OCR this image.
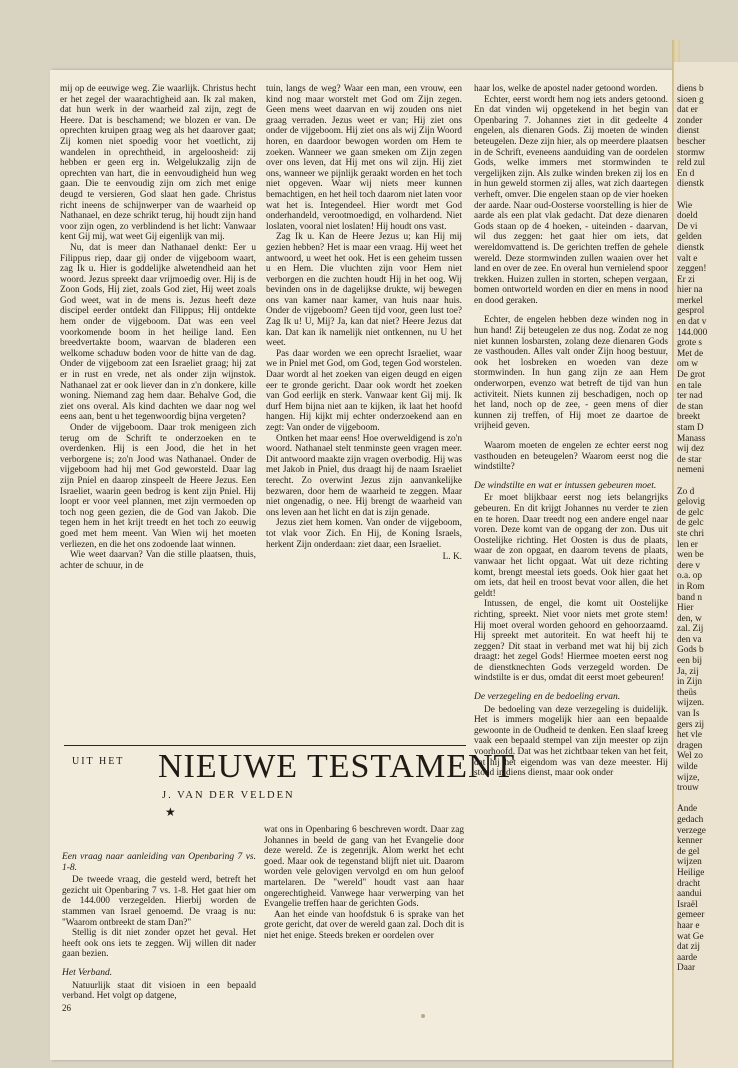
mij op de eeuwige weg. Zie waarlijk. Christus hecht er het zegel der waarachtigheid aan. Ik zal maken, dat hun werk in der waarheid zal zijn, zegt de Heere. Dat is beschamend; we blozen er van. De oprechten kruipen graag weg als het daarover gaat; Zij komen niet spoedig voor het voetlicht, zij wandelen in oprechtheid, in argeloosheid: zij hebben er geen erg in. Welgelukzalig zijn de oprechten van hart, die in eenvoudigheid hun weg gaan. Die te eenvoudig zijn om zich met enige deugd te versieren, God slaat hen gade. Christus richt ineens de schijnwerper van de waarheid op Nathanael, en deze schrikt terug, hij houdt zijn hand voor zijn ogen, zo verblindend is het licht: Vanwaar kent Gij mij, wat weet Gij eigenlijk van mij.

Nu, dat is meer dan Nathanael denkt: Eer u Filippus riep, daar gij onder de vijgeboom waart, zag Ik u. Hier is goddelijke alwetendheid aan het woord. Jezus spreekt daar vrijmoedig over. Hij is de Zoon Gods, Hij ziet, zoals God ziet, Hij weet zoals God weet, wat in de mens is. Jezus heeft deze discipel eerder ontdekt dan Filippus; Hij ontdekte hem onder de vijgeboom. Dat was een veel voorkomende boom in het heilige land. Een breedvertakte boom, waarvan de bladeren een welkome schaduw boden voor de hitte van de dag. Onder de vijgeboom zat een Israeliet graag; hij zat er in rust en vrede, net als onder zijn wijnstok. Nathanael zat er ook liever dan in z'n donkere, kille woning. Niemand zag hem daar. Behalve God, die ziet ons overal. Als kind dachten we daar nog wel eens aan, bent u het tegenwoordig bijna vergeten?

Onder de vijgeboom. Daar trok menigeen zich terug om de Schrift te onderzoeken en te overdenken. Hij is een Jood, die het in het verborgene is; zo'n Jood was Nathanael. Onder de vijgeboom had hij met God geworsteld. Daar lag zijn Pniel en daarop zinspeelt de Heere Jezus. Een Israeliet, waarin geen bedrog is kent zijn Pniel. Hij loopt er voor veel plannen, met zijn vermoeden op toch nog geen gezien, die de God van Jakob. Die tegen hem in het krijt treedt en het toch zo eeuwig goed met hem meent. Van Wien wij het moeten verliezen, en die het ons zodoende laat winnen.

Wie weet daarvan? Van die stille plaatsen, thuis, achter de schuur, in de

tuin, langs de weg? Waar een man, een vrouw, een kind nog maar worstelt met God om Zijn zegen. Geen mens weet daarvan en wij zouden ons niet graag verraden. Jezus weet er van; Hij ziet ons onder de vijgeboom. Hij ziet ons als wij Zijn Woord horen, en daardoor bewogen worden om Hem te zoeken. Wanneer we gaan smeken om Zijn zegen over ons leven, dat Hij met ons wil zijn. Hij ziet ons, wanneer we pijnlijk geraakt worden en het toch niet opgeven. Waar wij niets meer kunnen bemachtigen, en het heil toch daarom niet laten voor wat het is. Integendeel. Hier wordt met God onderhandeld, verootmoedigd, en volhardend. Niet loslaten, vooral niet loslaten! Hij houdt ons vast.

Zag Ik u. Kan de Heere Jezus u; kan Hij mij gezien hebben? Het is maar een vraag. Hij weet het antwoord, u weet het ook. Het is een geheim tussen u en Hem. Die vluchten zijn voor Hem niet verborgen en die zuchten houdt Hij in het oog. Wij bevinden ons in de dagelijkse drukte, wij bewegen ons van kamer naar kamer, van huis naar huis. Onder de vijgeboom? Geen tijd voor, geen lust toe? Zag Ik u! U, Mij? Ja, kan dat niet? Heere Jezus dat kan. Dat kan ik namelijk niet ontkennen, nu U het weet.

Pas daar worden we een oprecht Israeliet, waar we in Pniel met God, om God, tegen God worstelen. Daar wordt al het zoeken van eigen deugd en eigen eer te gronde gericht. Daar ook wordt het zoeken van God eerlijk en sterk. Vanwaar kent Gij mij. Ik durf Hem bijna niet aan te kijken, ik laat het hoofd hangen. Hij kijkt mij echter onderzoekend aan en zegt: Van onder de vijgeboom.

Ontken het maar eens! Hoe overweldigend is zo'n woord. Nathanael stelt tenminste geen vragen meer. Dit antwoord maakte zijn vragen overbodig. Hij was met Jakob in Pniel, dus draagt hij de naam Israeliet terecht. Zo overwint Jezus zijn aanvankelijke bezwaren, door hem de waarheid te zeggen. Maar niet ongenadig, o nee. Hij brengt de waarheid van ons leven aan het licht en dat is zijn genade.

Jezus ziet hem komen. Van onder de vijgeboom, tot vlak voor Zich. En Hij, de Koning Israels, herkent Zijn onderdaan: ziet daar, een Israeliet.

L. K.

haar los, welke de apostel nader getoond worden.

Echter, eerst wordt hem nog iets anders getoond. En dat vinden wij opgetekend in het begin van Openbaring 7. Johannes ziet in dit gedeelte 4 engelen, als dienaren Gods. Zij moeten de winden beteugelen. Deze zijn hier, als op meerdere plaatsen in de Schrift, eveneens aanduiding van de oordelen Gods, welke immers met stormwinden te vergelijken zijn. Als zulke winden breken zij los en in hun geweld stormen zij alles, wat zich daartegen verheft, omver. Die engelen staan op de vier hoeken der aarde. Naar oud-Oosterse voorstelling is hier de aarde als een plat vlak gedacht. Dat deze dienaren Gods staan op de 4 hoeken, - uiteinden - daarvan, wil dus zeggen: het gaat hier om iets, dat wereldomvattend is. De gerichten treffen de gehele wereld. Deze stormwinden zullen waaien over het land en over de zee. En overal hun vernielend spoor trekken. Huizen zullen in storten, schepen vergaan, bomen ontworteld worden en dier en mens in nood en dood geraken.

Echter, de engelen hebben deze winden nog in hun hand! Zij beteugelen ze dus nog. Zodat ze nog niet kunnen losbarsten, zolang deze dienaren Gods ze vasthouden. Alles valt onder Zijn hoog bestuur, ook het losbreken en woeden van deze stormwinden. In hun gang zijn ze aan Hem onderworpen, evenzo wat betreft de tijd van hun activiteit. Niets kunnen zij beschadigen, noch op het land, noch op de zee, - geen mens of dier kunnen zij treffen, of Hij moet ze daartoe de vrijheid geven.

Waarom moeten de engelen ze echter eerst nog vasthouden en beteugelen? Waarom eerst nog die windstilte?

De windstilte en wat er intussen gebeuren moet.

Er moet blijkbaar eerst nog iets belangrijks gebeuren. En dit krijgt Johannes nu verder te zien en te horen. Daar treedt nog een andere engel naar voren. Deze komt van de opgang der zon. Dus uit Oostelijke richting. Het Oosten is dus de plaats, waar de zon opgaat, en daarom tevens de plaats, vanwaar het licht opgaat. Wat uit deze richting komt, brengt meestal iets goeds. Ook hier gaat het om iets, dat heil en troost bevat voor allen, die het geldt!

Intussen, de engel, die komt uit Oostelijke richting, spreekt. Niet voor niets met grote stem! Hij moet overal worden gehoord en gehoorzaamd. Hij spreekt met autoriteit. En wat heeft hij te zeggen? Dit staat in verband met wat hij bij zich draagt: het zegel Gods! Hiermee moeten eerst nog de dienstknechten Gods verzegeld worden. De windstilte is er dus, omdat dit eerst moet gebeuren!

De verzegeling en de bedoeling ervan.

De bedoeling van deze verzegeling is duidelijk. Het is immers mogelijk hier aan een bepaalde gewoonte in de Oudheid te denken. Een slaaf kreeg vaak een bepaald stempel van zijn meester op zijn voorhoofd. Dat was het zichtbaar teken van het feit, dat hij het eigendom was van deze meester. Hij stond in diens dienst, maar ook onder

UIT HET NIEUWE TESTAMENT
J. VAN DER VELDEN
★
Een vraag naar aanleiding van Openbaring 7 vs. 1-8.

De tweede vraag, die gesteld werd, betreft het gezicht uit Openbaring 7 vs. 1-8. Het gaat hier om de 144.000 verzegelden. Hierbij worden de stammen van Israel genoemd. De vraag is nu: "Waarom ontbreekt de stam Dan?"

Stellig is dit niet zonder opzet het geval. Het heeft ook ons iets te zeggen. Wij willen dit nader gaan bezien.

Het Verband.

Natuurlijk staat dit visioen in een bepaald verband. Het volgt op datgene,

wat ons in Openbaring 6 beschreven wordt. Daar zag Johannes in beeld de gang van het Evangelie door deze wereld. Ze is zegenrijk. Alom werkt het echt goed. Maar ook de tegenstand blijft niet uit. Daarom worden vele gelovigen vervolgd en om hun geloof martelaren. De "wereld" houdt vast aan haar ongerechtigheid. Vanwege haar verwerping van het Evangelie treffen haar de gerichten Gods.

Aan het einde van hoofdstuk 6 is sprake van het grote gericht, dat over de wereld gaan zal. Doch dit is niet het enige. Steeds breken er oordelen over

26
diens b
sioen g
dat er
zonder
dienst
bescher
stormw
reld zul
En d
dienstk
Wie
doeld
De vi
gelden
dienstk
valt e
zeggen!
Er zi
hier na
merkel
gesprol
en dat v
144.000
grote s
Met de
om w
De grot
en tale
ter nad
de stan
breekt
stam D
Manass
wij dez
de star
nemeni
Zo d
gelovig
de gelc
de gelc
ste chri
len er
wen be
dere v
o.a. op
in Rom
band n
Hier
den, w
zal. Zij
den va
Gods b
een bij
Ja, zij
in Zijn
theüs
wijzen.
van Is
gers zij
het vle
dragen
Wel zo
wilde
wijze,
trouw
Ande
gedach
verzege
kenner
de gel
wijzen
Heilige
dracht
aandui
Israël
gemeer
haar e
wat Ge
dat zij
aarde
Daar
